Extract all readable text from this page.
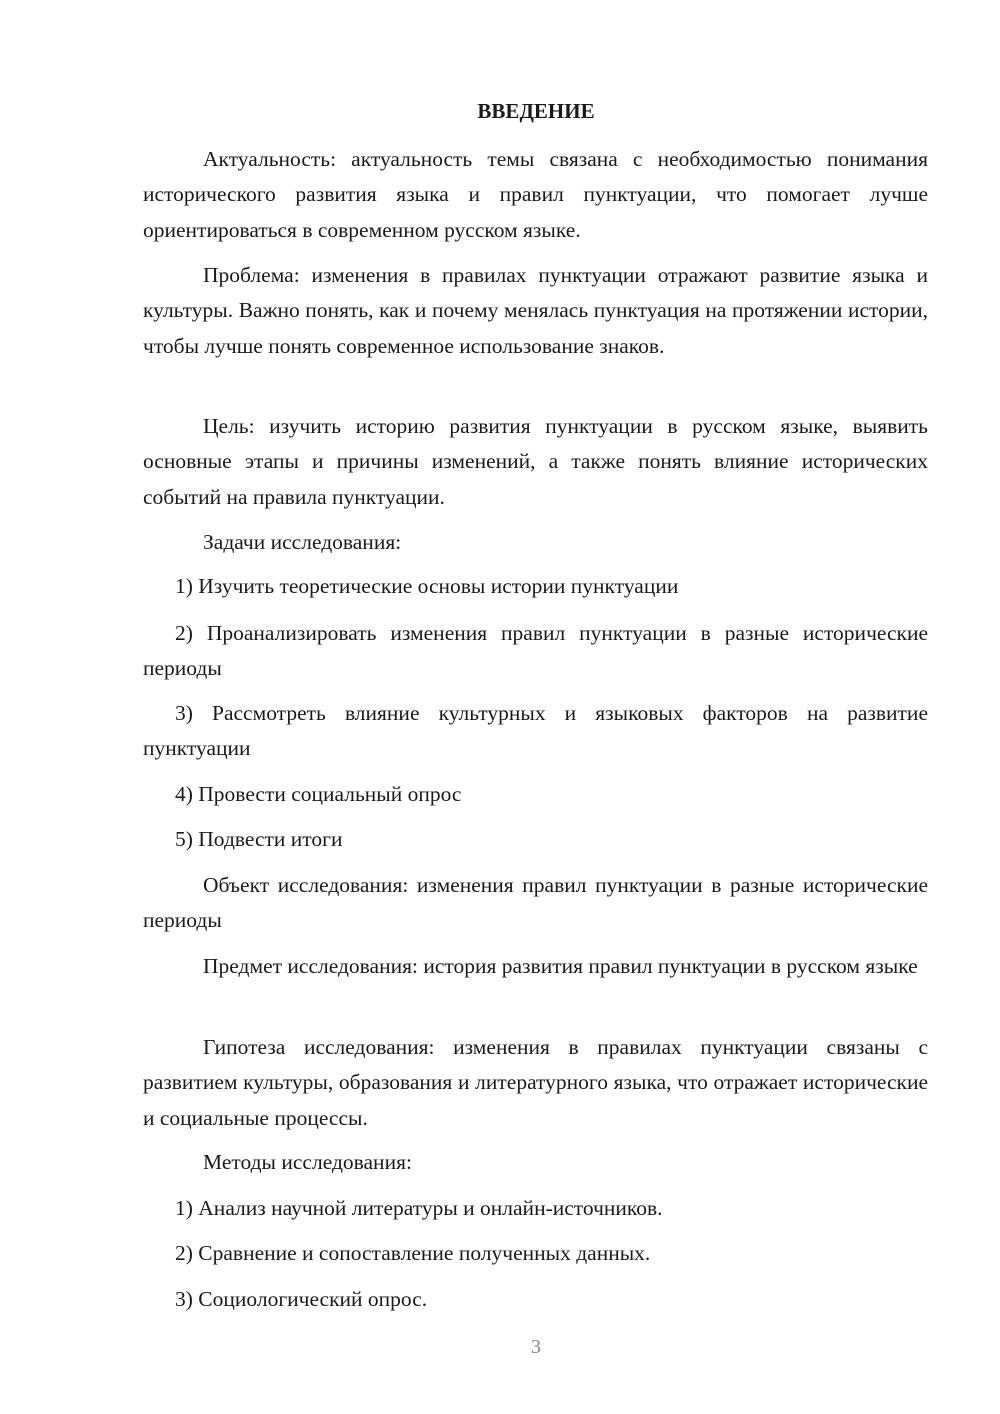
ВВЕДЕНИЕ

Актуальность: актуальность темы связана с необходимостью понимания исторического развития языка и правил пунктуации, что помогает лучше ориентироваться в современном русском языке.

Проблема: изменения в правилах пунктуации отражают развитие языка и культуры. Важно понять, как и почему менялась пунктуация на протяжении истории, чтобы лучше понять современное использование знаков.

Цель: изучить историю развития пунктуации в русском языке, выявить основные этапы и причины изменений, а также понять влияние исторических событий на правила пунктуации.

Задачи исследования:

1) Изучить теоретические основы истории пунктуации

2) Проанализировать изменения правил пунктуации в разные исторические периоды

3) Рассмотреть влияние культурных и языковых факторов на развитие пунктуации

4) Провести социальный опрос

5) Подвести итоги

Объект исследования: изменения правил пунктуации в разные исторические периоды

Предмет исследования: история развития правил пунктуации в русском языке

Гипотеза исследования: изменения в правилах пунктуации связаны с развитием культуры, образования и литературного языка, что отражает исторические и социальные процессы.

Методы исследования:

1) Анализ научной литературы и онлайн-источников.

2) Сравнение и сопоставление полученных данных.

3) Социологический опрос.

3
